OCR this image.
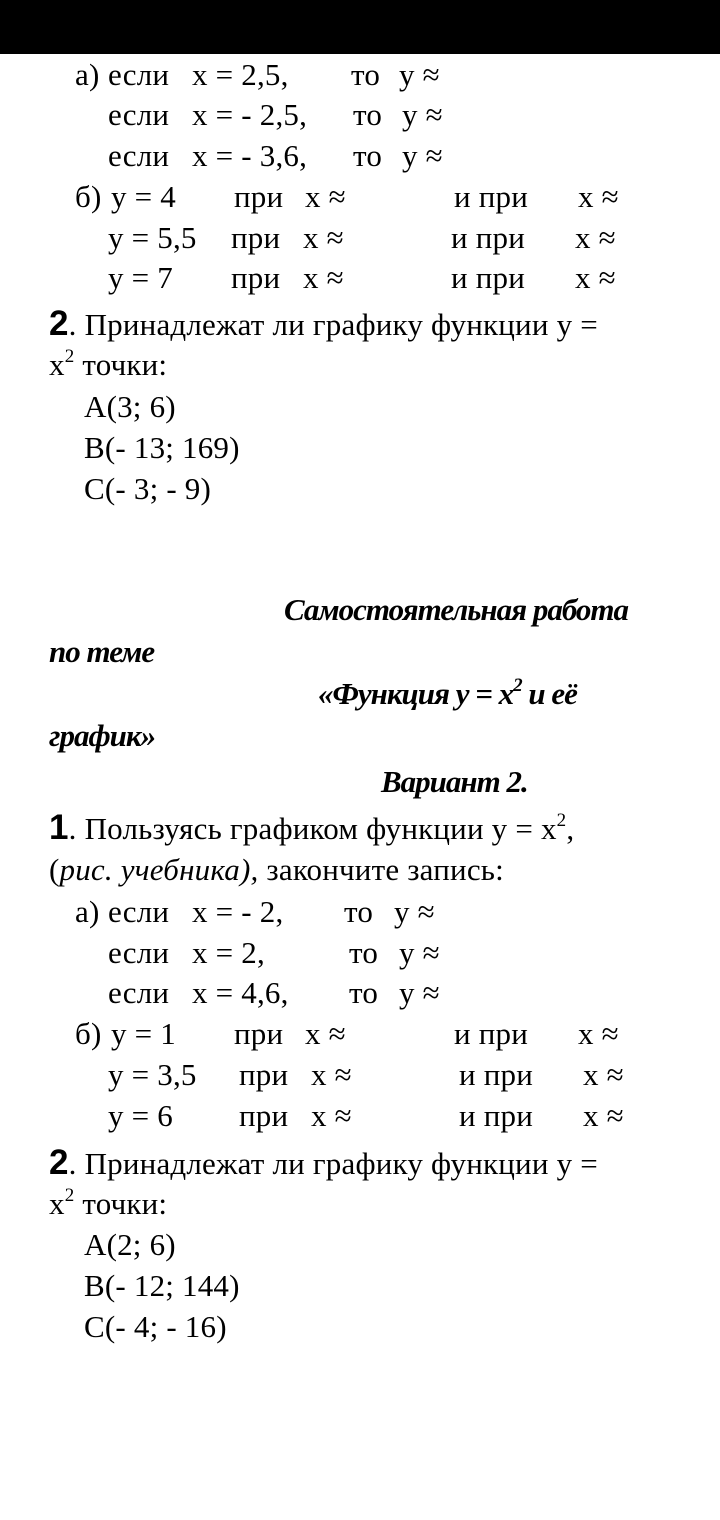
а) если х = 2,5, то у ≈
если х = - 2,5, то у ≈
если х = - 3,6, то у ≈
б) у = 4 при х ≈	и при х ≈
у = 5,5 при х ≈	и при х ≈
у = 7 при х ≈	и при х ≈
2. Принадлежат ли графику функции у =
$х^2$ точки:
А(3; 6)
В(- 13; 169)
С(- 3; - 9)
Самостоятельная работа
по теме
«Функция $у = х^2$ и её
график»
Вариант 2.
1. Пользуясь графиком функции $у = х^2$,
(рис. учебника), закончите запись:
а) если х = - 2, то у ≈
если х = 2,	то у ≈
если х = 4,6, то у ≈
б) у = 1 при х ≈	и при х ≈
у = 3,5 при х ≈	и при х ≈
у = 6 при х ≈	и при х ≈
2. Принадлежат ли графику функции у =
$х^2$ точки:
А(2; 6)
В(- 12; 144)
С(- 4; - 16)
